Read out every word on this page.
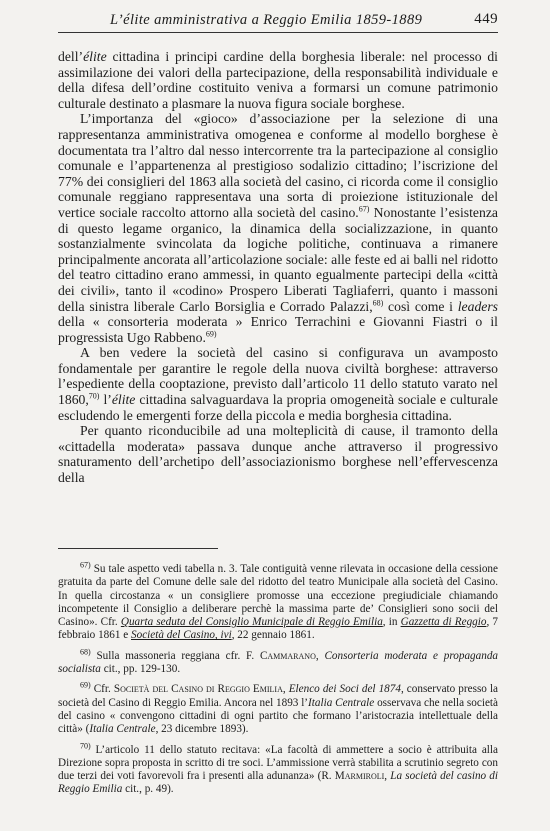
L’élite amministrativa a Reggio Emilia 1859-1889	449

dell’élite cittadina i principi cardine della borghesia liberale: nel processo di assimilazione dei valori della partecipazione, della responsabilità individuale e della difesa dell’ordine costituito veniva a formarsi un comune patrimonio culturale destinato a plasmare la nuova figura sociale borghese.

L’importanza del «gioco» d’associazione per la selezione di una rappresentanza amministrativa omogenea e conforme al modello borghese è documentata tra l’altro dal nesso intercorrente tra la partecipazione al consiglio comunale e l’appartenenza al prestigioso sodalizio cittadino; l’iscrizione del 77% dei consiglieri del 1863 alla società del casino, ci ricorda come il consiglio comunale reggiano rappresentava una sorta di proiezione istituzionale del vertice sociale raccolto attorno alla società del casino.$^{67)}$ Nonostante l’esistenza di questo legame organico, la dinamica della socializzazione, in quanto sostanzialmente svincolata da logiche politiche, continuava a rimanere principalmente ancorata all’articolazione sociale: alle feste ed ai balli nel ridotto del teatro cittadino erano ammessi, in quanto egualmente partecipi della «città dei civili», tanto il «codino» Prospero Liberati Tagliaferri, quanto i massoni della sinistra liberale Carlo Borsiglia e Corrado Palazzi,$^{68)}$ così come i leaders della « consorteria moderata » Enrico Terrachini e Giovanni Fiastri o il progressista Ugo Rabbeno.$^{69)}$

A ben vedere la società del casino si configurava un avamposto fondamentale per garantire le regole della nuova civiltà borghese: attraverso l’espediente della cooptazione, previsto dall’articolo 11 dello statuto varato nel 1860,$^{70)}$ l’élite cittadina salvaguardava la propria omogeneità sociale e culturale escludendo le emergenti forze della piccola e media borghesia cittadina.

Per quanto riconducibile ad una molteplicità di cause, il tramonto della «cittadella moderata» passava dunque anche attraverso il progressivo snaturamento dell’archetipo dell’associazionismo borghese nell’effervescenza della

$^{67)}$ Su tale aspetto vedi tabella n. 3. Tale contiguità venne rilevata in occasione della cessione gratuita da parte del Comune delle sale del ridotto del teatro Municipale alla società del Casino. In quella circostanza « un consigliere promosse una eccezione pregiudiciale chiamando incompetente il Consiglio a deliberare perchè la massima parte de’ Consiglieri sono socii del Casino». Cfr. Quarta seduta del Consiglio Municipale di Reggio Emilia, in Gazzetta di Reggio, 7 febbraio 1861 e Società del Casino, ivi, 22 gennaio 1861.

$^{68)}$ Sulla massoneria reggiana cfr. F. Cammarano, Consorteria moderata e propaganda socialista cit., pp. 129-130.

$^{69)}$ Cfr. Società del Casino di Reggio Emilia, Elenco dei Soci del 1874, conservato presso la società del Casino di Reggio Emilia. Ancora nel 1893 l’Italia Centrale osservava che nella società del casino « convengono cittadini di ogni partito che formano l’aristocrazia intellettuale della città» (Italia Centrale, 23 dicembre 1893).

$^{70)}$ L’articolo 11 dello statuto recitava: «La facoltà di ammettere a socio è attribuita alla Direzione sopra proposta in scritto di tre soci. L’ammissione verrà stabilita a scrutinio segreto con due terzi dei voti favorevoli fra i presenti alla adunanza» (R. Marmiroli, La società del casino di Reggio Emilia cit., p. 49).
